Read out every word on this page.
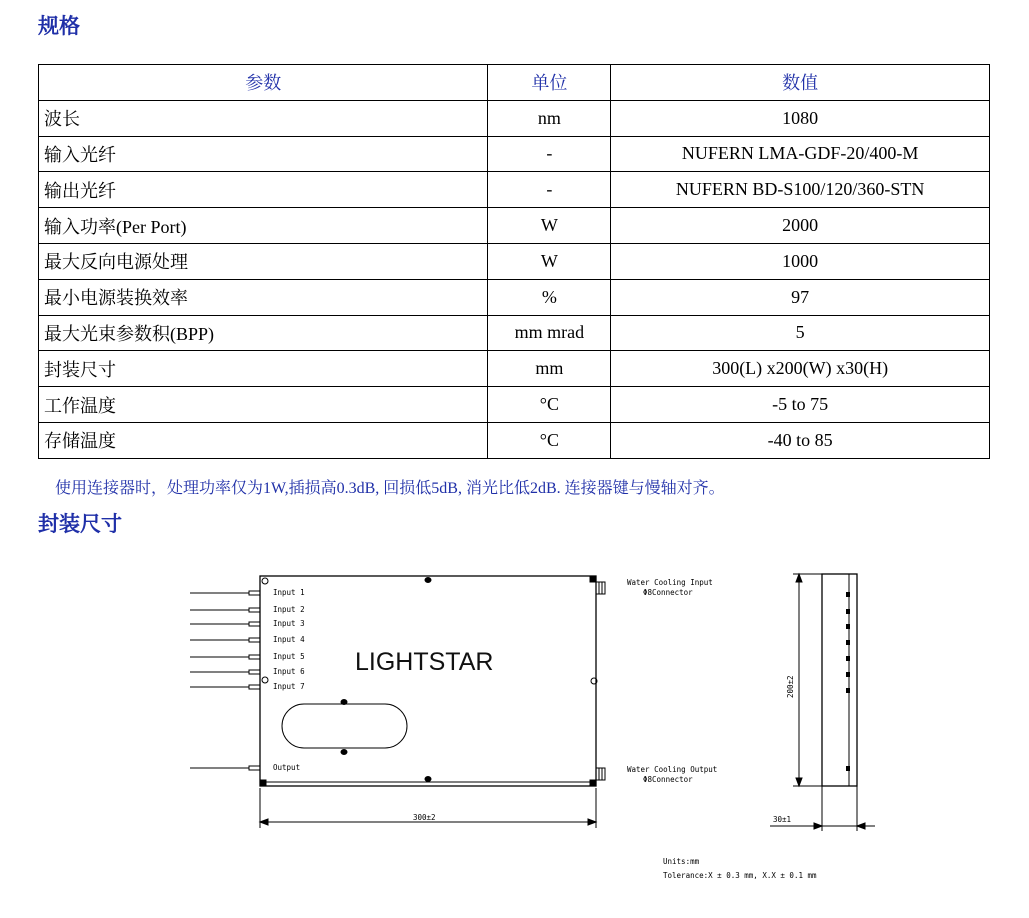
规格
参数	单位	数值
波长	nm	1080
输入光纤	-	NUFERN LMA-GDF-20/400-M
输出光纤	-	NUFERN BD-S100/120/360-STN
输入功率(Per Port)	W	2000
最大反向电源处理	W	1000
最小电源装换效率	%	97
最大光束参数积(BPP)	mm mrad	5
封装尺寸	mm	300(L) x200(W) x30(H)
工作温度	°C	-5 to 75
存储温度	°C	-40 to 85
使用连接器时，处理功率仅为1W,插损高0.3dB, 回损低5dB, 消光比低2dB. 连接器键与慢轴对齐。
封装尺寸
Input 1
Input 2
Input 3
Input 4
Input 5
Input 6
Input 7
Output
Water Cooling Input
Φ8Connector
Water Cooling Output
Φ8Connector
300±2
200±2
30±1
Units:mm
Tolerance:X ± 0.3 mm, X.X ± 0.1 mm
LIGHTSTAR
